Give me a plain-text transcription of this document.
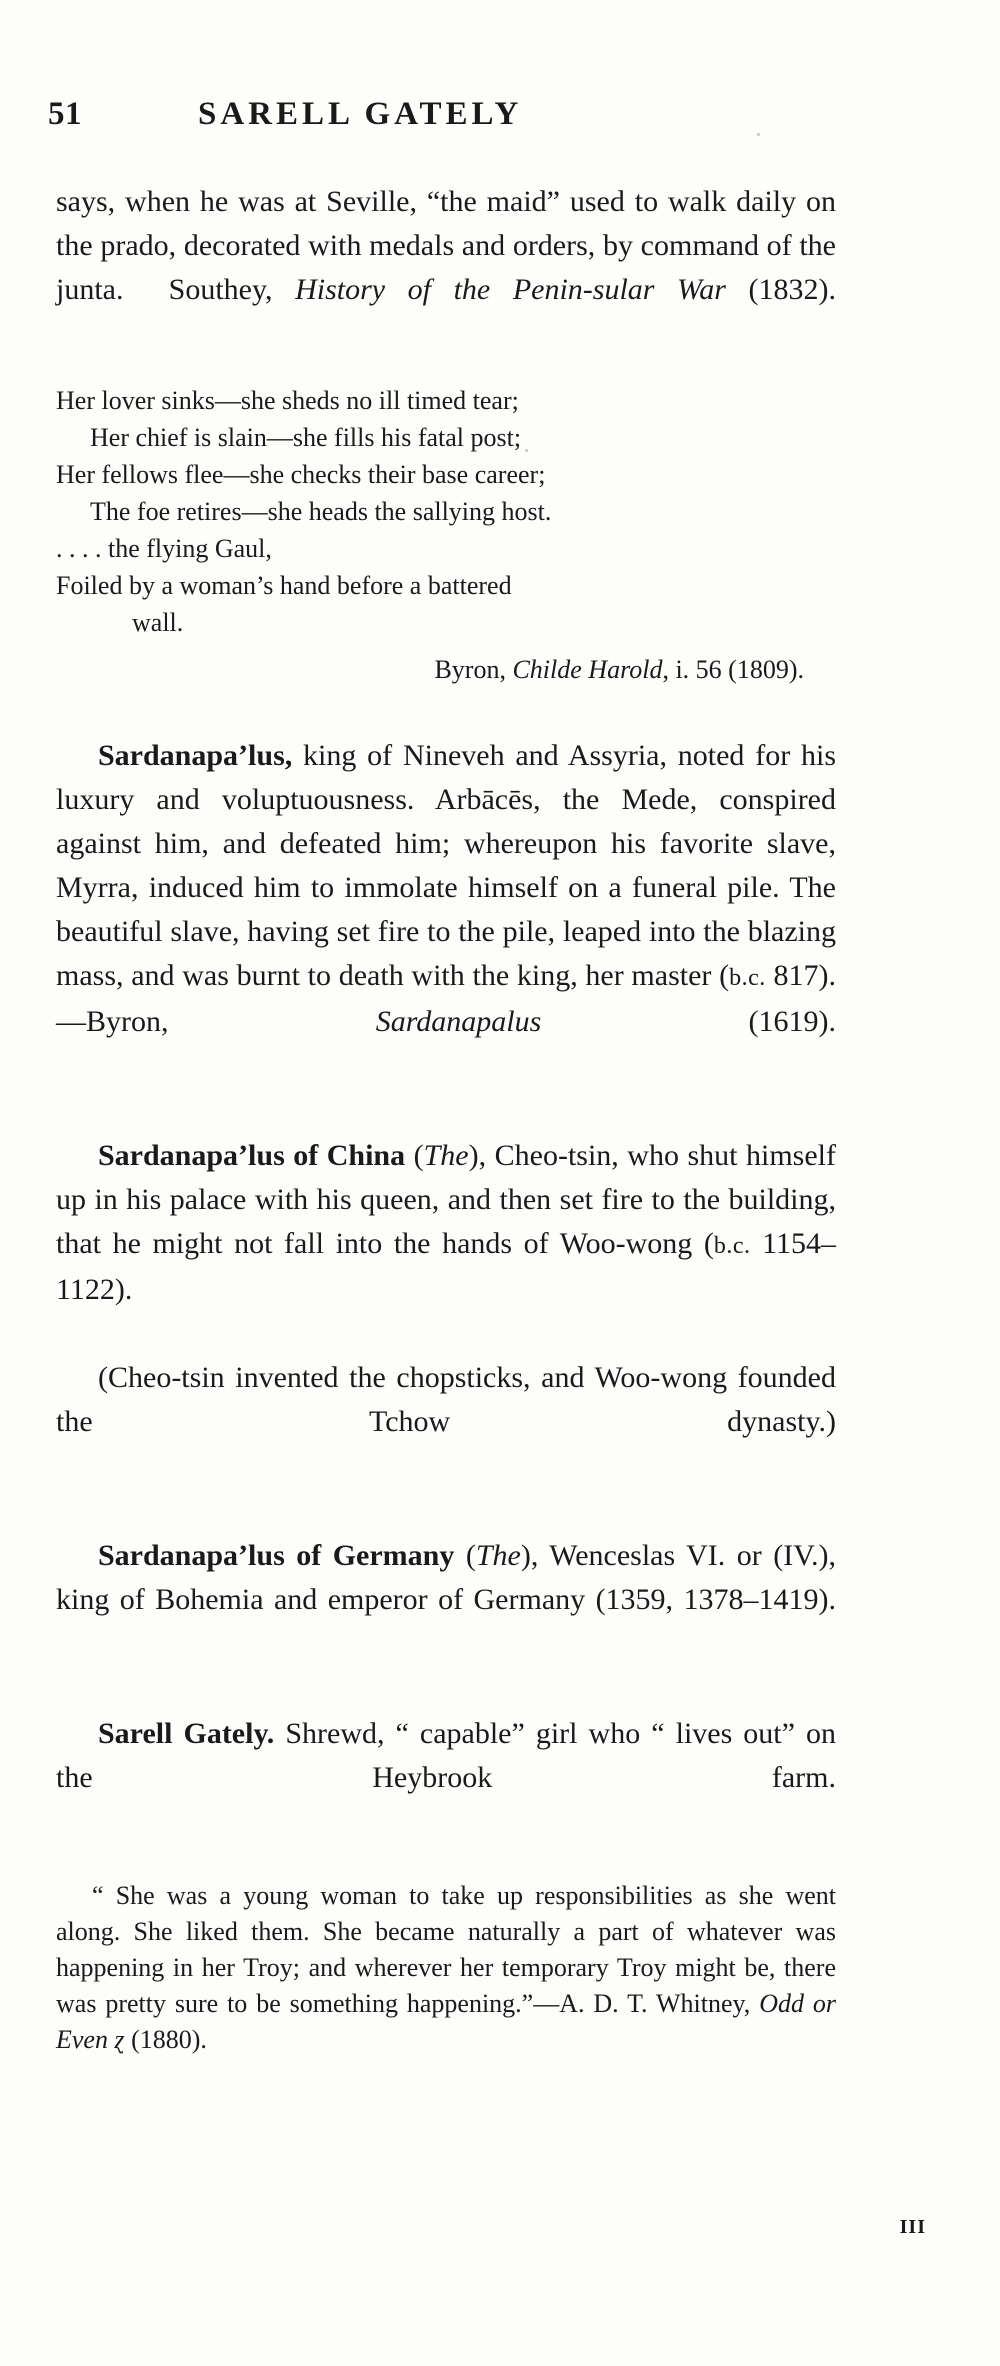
51	SARELL GATELY

says, when he was at Seville, “the maid” used to walk daily on the prado, decorated with medals and orders, by command of the junta.  Southey, History of the Penin⁠-sular War (1832).

Her lover sinks—she sheds no ill timed tear;
Her chief is slain—she fills his fatal post;
Her fellows flee—she checks their base career;
The foe retires—she heads the sallying host.
. . . . the flying Gaul,
Foiled by a woman’s hand before a battered
wall.
Byron, Childe Harold, i. 56 (1809).

Sardanapa’lus, king of Nineveh and Assyria, noted for his luxury and voluptuousness. Arbācēs, the Mede, conspired against him, and defeated him; whereupon his favorite slave, Myrra, induced him to immolate himself on a funeral pile. The beautiful slave, having set fire to the pile, leaped into the blazing mass, and was burnt to death with the king, her master (b.c. 817).—Byron, Sardanapalus (1619).

Sardanapa’lus of China (The), Cheo-tsin, who shut himself up in his palace with his queen, and then set fire to the building, that he might not fall into the hands of Woo-wong (b.c. 1154–1122).

(Cheo-tsin invented the chopsticks, and Woo-wong founded the Tchow dynasty.)

Sardanapa’lus of Germany (The), Wenceslas VI. or (IV.), king of Bohemia and emperor of Germany (1359, 1378–1419).

Sarell Gately. Shrewd, “ capable” girl who “ lives out” on the Heybrook farm.

“ She was a young woman to take up responsibilities as she went along. She liked them. She became naturally a part of whatever was happening in her Troy; and wherever her temporary Troy might be, there was pretty sure to be something happening.”—A. D. T. Whitney, Odd or Even ɀ (1880).

III
